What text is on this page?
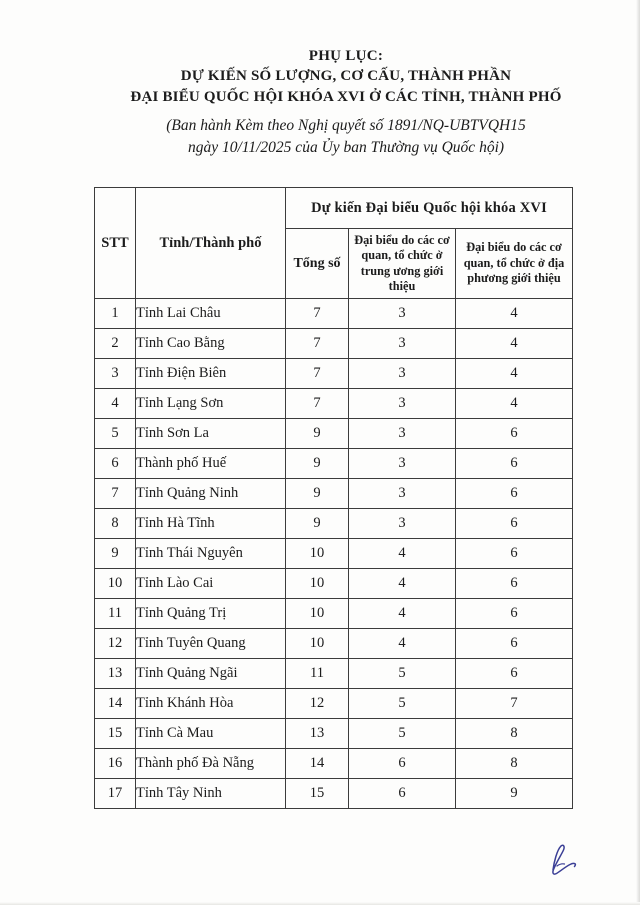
PHỤ LỤC:
DỰ KIẾN SỐ LƯỢNG, CƠ CẤU, THÀNH PHẦN
ĐẠI BIỂU QUỐC HỘI KHÓA XVI Ở CÁC TỈNH, THÀNH PHỐ
(Ban hành Kèm theo Nghị quyết số 1891/NQ-UBTVQH15
ngày 10/11/2025 của Ủy ban Thường vụ Quốc hội)
STT	Tỉnh/Thành phố	Dự kiến Đại biểu Quốc hội khóa XVI		
		Tổng số	Đại biểu do các cơ quan, tổ chức ở trung ương giới thiệu	Đại biểu do các cơ quan, tổ chức ở địa phương giới thiệu
1	Tỉnh Lai Châu	7	3	4
2	Tỉnh Cao Bằng	7	3	4
3	Tỉnh Điện Biên	7	3	4
4	Tỉnh Lạng Sơn	7	3	4
5	Tỉnh Sơn La	9	3	6
6	Thành phố Huế	9	3	6
7	Tỉnh Quảng Ninh	9	3	6
8	Tỉnh Hà Tĩnh	9	3	6
9	Tỉnh Thái Nguyên	10	4	6
10	Tỉnh Lào Cai	10	4	6
11	Tỉnh Quảng Trị	10	4	6
12	Tỉnh Tuyên Quang	10	4	6
13	Tỉnh Quảng Ngãi	11	5	6
14	Tỉnh Khánh Hòa	12	5	7
15	Tỉnh Cà Mau	13	5	8
16	Thành phố Đà Nẵng	14	6	8
17	Tỉnh Tây Ninh	15	6	9
